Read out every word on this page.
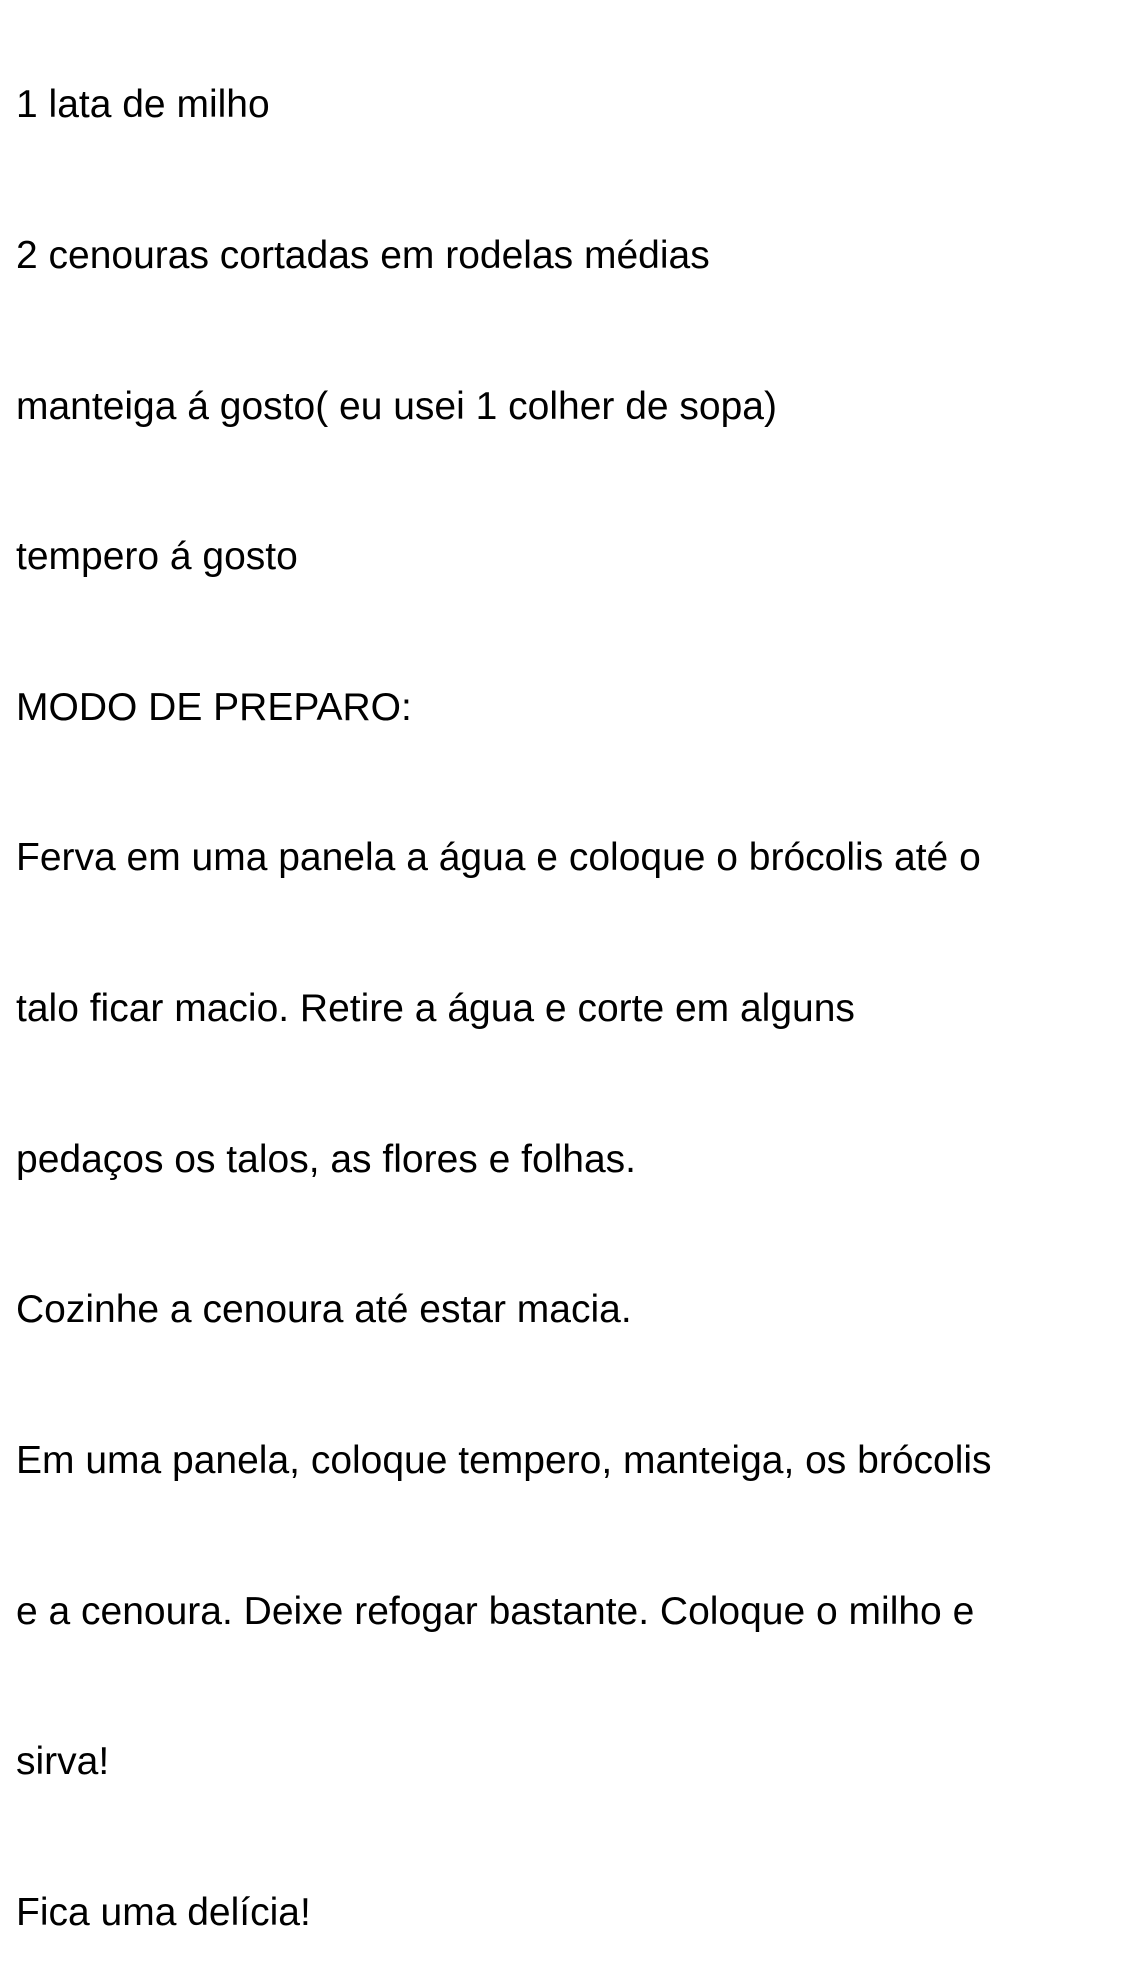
1 lata de milho

2 cenouras cortadas em rodelas médias

manteiga á gosto( eu usei 1 colher de sopa)

tempero á gosto

MODO DE PREPARO:

Ferva em uma panela a água e coloque o brócolis até o

talo ficar macio. Retire a água e corte em alguns

pedaços os talos, as flores e folhas.

Cozinhe a cenoura até estar macia.

Em uma panela, coloque tempero, manteiga, os brócolis

e a cenoura. Deixe refogar bastante. Coloque o milho e

sirva!

Fica uma delícia!
